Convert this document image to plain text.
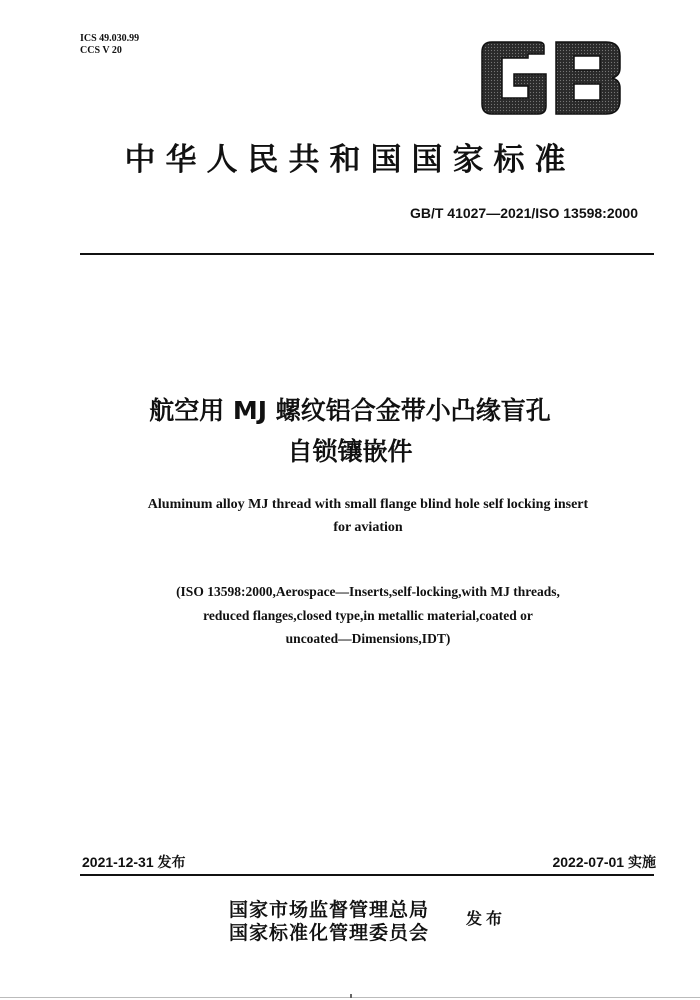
ICS 49.030.99
CCS V 20
中华人民共和国国家标准
GB/T 41027—2021/ISO 13598:2000
航空用 MJ 螺纹铝合金带小凸缘盲孔
自锁镶嵌件
Aluminum alloy MJ thread with small flange blind hole self locking insert
for aviation
(ISO 13598:2000,Aerospace—Inserts,self-locking,with MJ threads,
reduced flanges,closed type,in metallic material,coated or
uncoated—Dimensions,IDT)
2021-12-31 发布	2022-07-01 实施
国家市场监督管理总局
国家标准化管理委员会
发布
